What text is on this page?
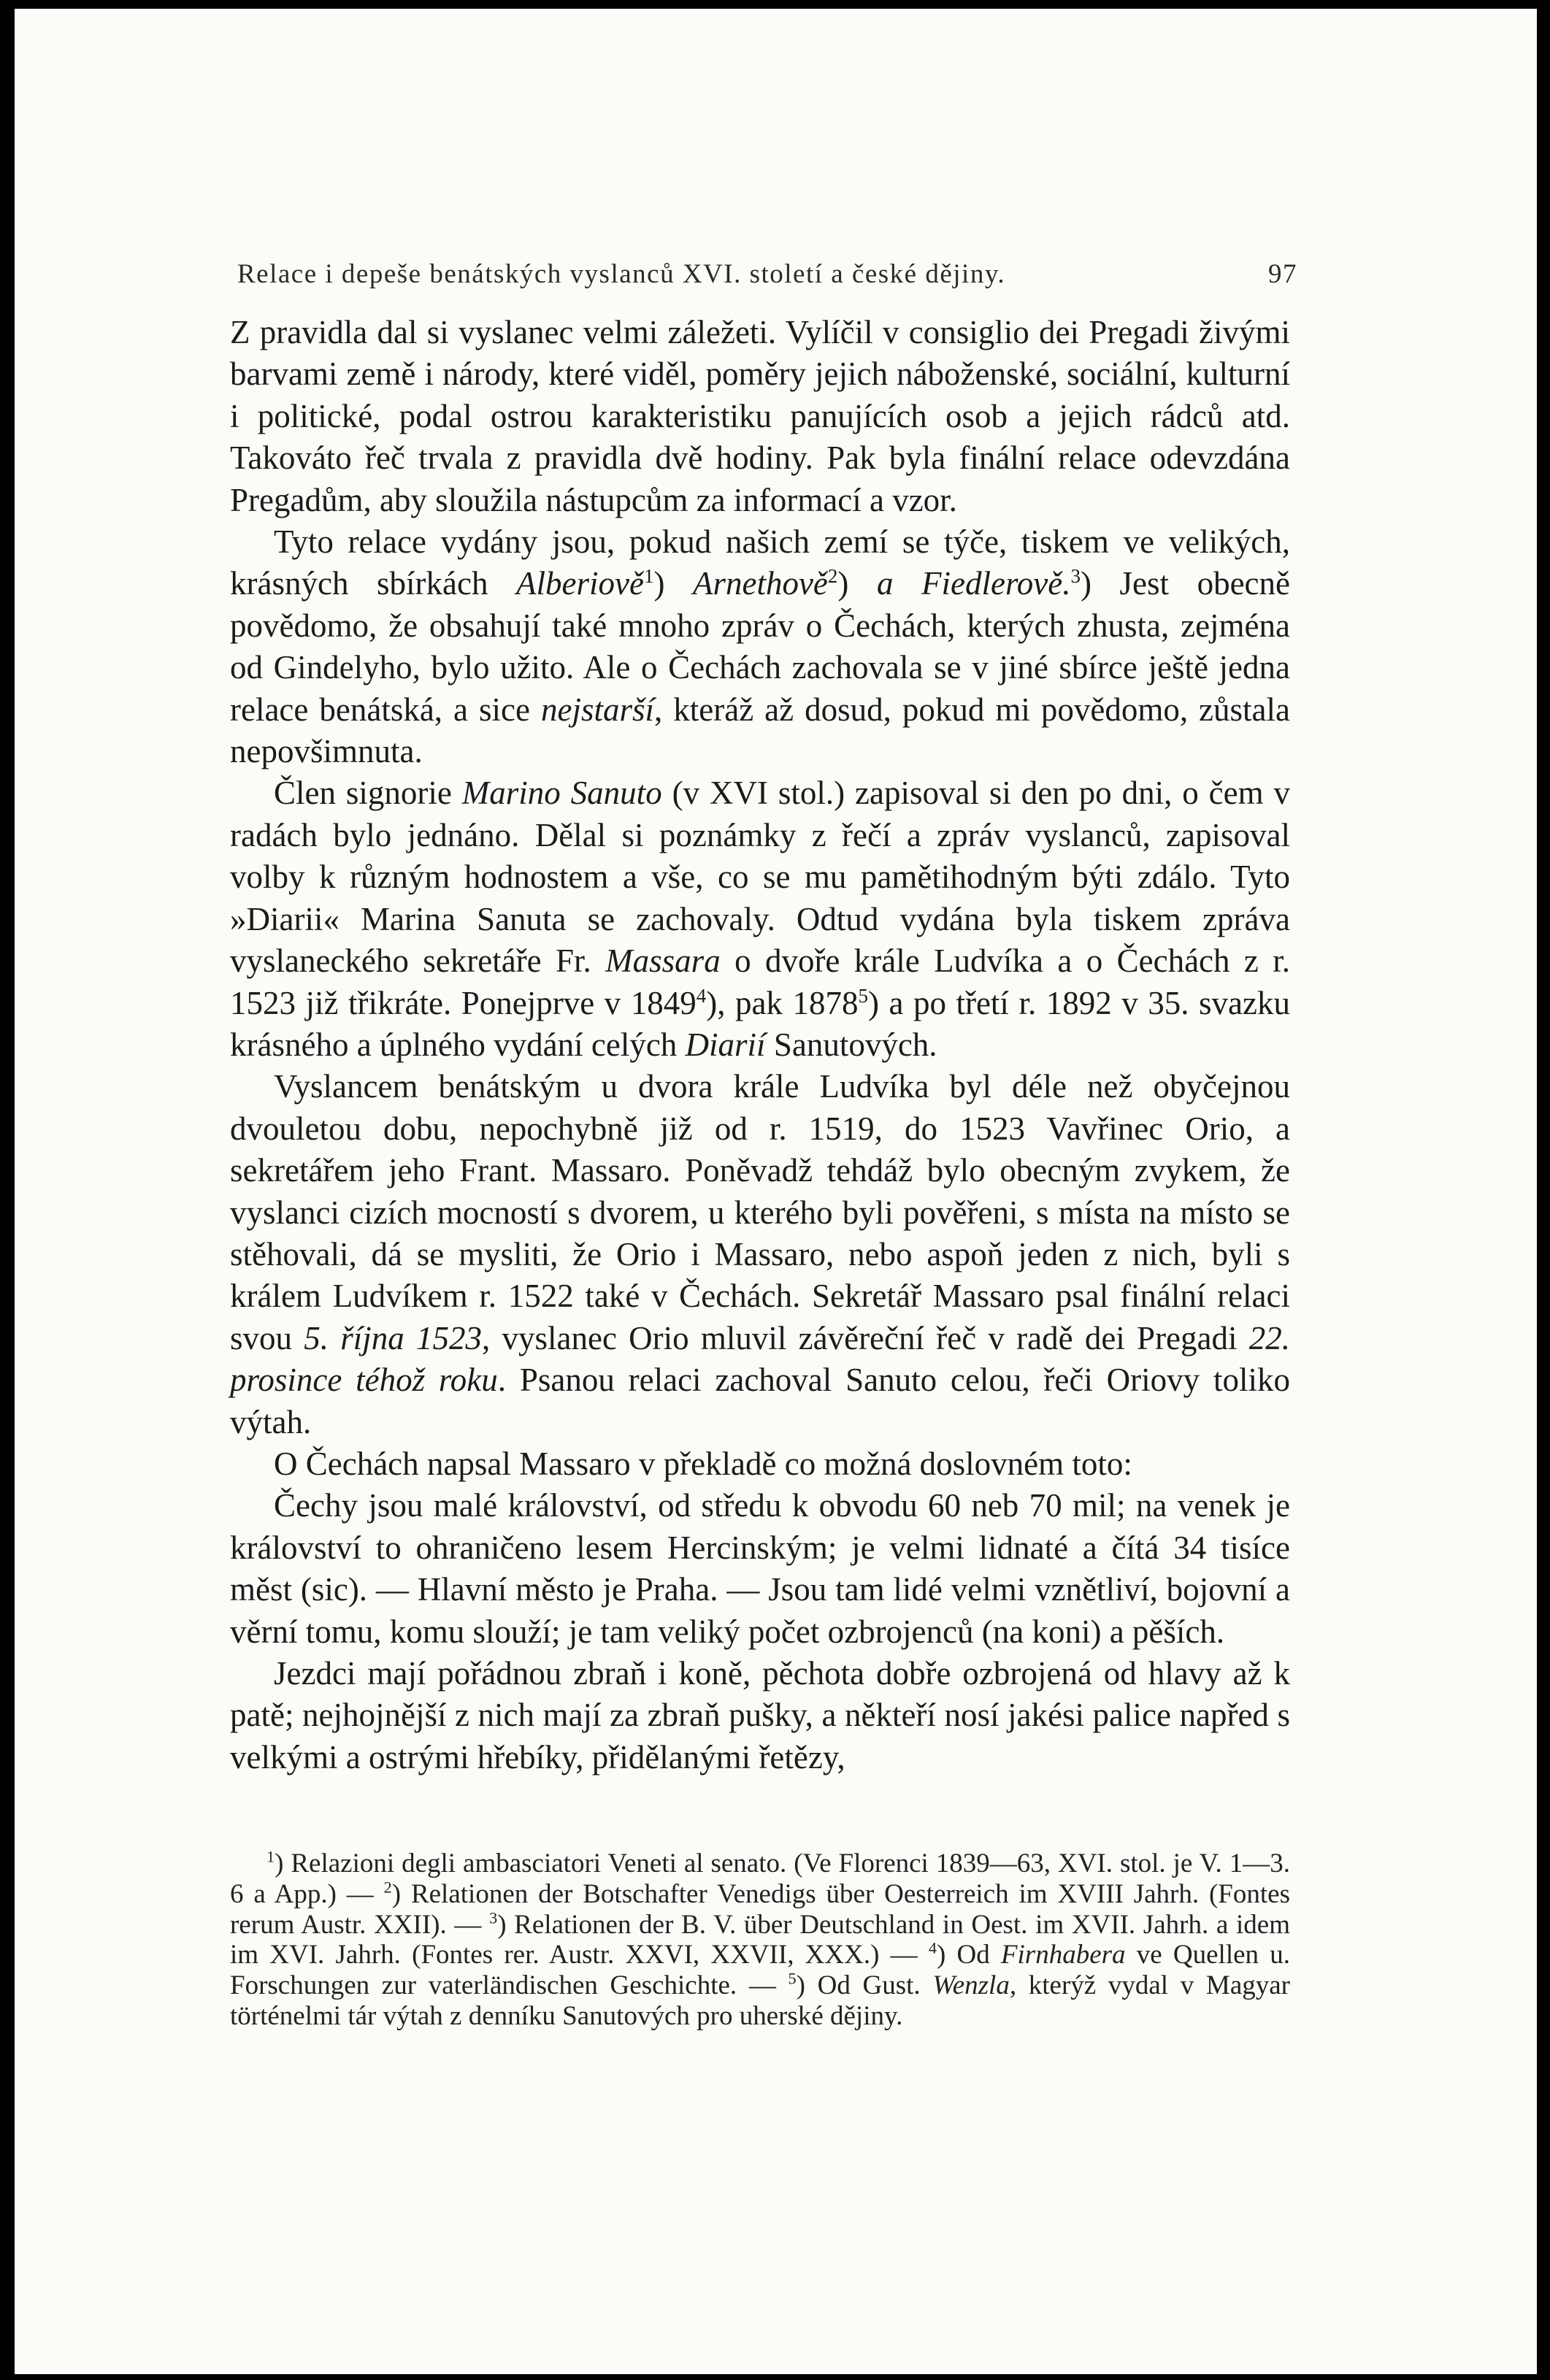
Relace i depeše benátských vyslanců XVI. století a české dějiny.	97

Z pravidla dal si vyslanec velmi záležeti. Vylíčil v consiglio dei Pregadi živými barvami země i národy, které viděl, poměry jejich náboženské, sociální, kulturní i politické, podal ostrou karakteristiku panujících osob a jejich rádců atd. Takováto řeč trvala z pravidla dvě hodiny. Pak byla finální relace odevzdána Pregadům, aby sloužila nástupcům za informací a vzor.

Tyto relace vydány jsou, pokud našich zemí se týče, tiskem ve velikých, krásných sbírkách Alberiově$^1$) Arnethově$^2$) a Fiedlerově.$^3$) Jest obecně povědomo, že obsahují také mnoho zpráv o Čechách, kterých zhusta, zejména od Gindelyho, bylo užito. Ale o Čechách zachovala se v jiné sbírce ještě jedna relace benátská, a sice nejstarší, kteráž až dosud, pokud mi povědomo, zůstala nepovšimnuta.

Člen signorie Marino Sanuto (v XVI stol.) zapisoval si den po dni, o čem v radách bylo jednáno. Dělal si poznámky z řečí a zpráv vyslanců, zapisoval volby k různým hodnostem a vše, co se mu pamětihodným býti zdálo. Tyto »Diarii« Marina Sanuta se zachovaly. Odtud vydána byla tiskem zpráva vyslaneckého sekretáře Fr. Massara o dvoře krále Ludvíka a o Čechách z r. 1523 již třikráte. Ponejprve v 1849$^4$), pak 1878$^5$) a po třetí r. 1892 v 35. svazku krásného a úplného vydání celých Diarií Sanutových.

Vyslancem benátským u dvora krále Ludvíka byl déle než obyčejnou dvouletou dobu, nepochybně již od r. 1519, do 1523 Vavřinec Orio, a sekretářem jeho Frant. Massaro. Poněvadž tehdáž bylo obecným zvykem, že vyslanci cizích mocností s dvorem, u kterého byli pověřeni, s místa na místo se stěhovali, dá se mysliti, že Orio i Massaro, nebo aspoň jeden z nich, byli s králem Ludvíkem r. 1522 také v Čechách. Sekretář Massaro psal finální relaci svou 5. října 1523, vyslanec Orio mluvil závěreční řeč v radě dei Pregadi 22. prosince téhož roku. Psanou relaci zachoval Sanuto celou, řeči Oriovy toliko výtah.

O Čechách napsal Massaro v překladě co možná doslovném toto:

Čechy jsou malé království, od středu k obvodu 60 neb 70 mil; na venek je království to ohraničeno lesem Hercinským; je velmi lidnaté a čítá 34 tisíce měst (sic). — Hlavní město je Praha. — Jsou tam lidé velmi vznětliví, bojovní a věrní tomu, komu slouží; je tam veliký počet ozbrojenců (na koni) a pěších.

Jezdci mají pořádnou zbraň i koně, pěchota dobře ozbrojená od hlavy až k patě; nejhojnější z nich mají za zbraň pušky, a někteří nosí jakési palice napřed s velkými a ostrými hřebíky, přidělanými řetězy,

$^1$) Relazioni degli ambasciatori Veneti al senato. (Ve Florenci 1839—63, XVI. stol. je V. 1—3. 6 a App.) — $^2$) Relationen der Botschafter Venedigs über Oesterreich im XVIII Jahrh. (Fontes rerum Austr. XXII). — $^3$) Relationen der B. V. über Deutschland in Oest. im XVII. Jahrh. a idem im XVI. Jahrh. (Fontes rer. Austr. XXVI, XXVII, XXX.) — $^4$) Od Firnhabera ve Quellen u. Forschungen zur vaterländischen Geschichte. — $^5$) Od Gust. Wenzla, kterýž vydal v Magyar történelmi tár výtah z denníku Sanutových pro uherské dějiny.
